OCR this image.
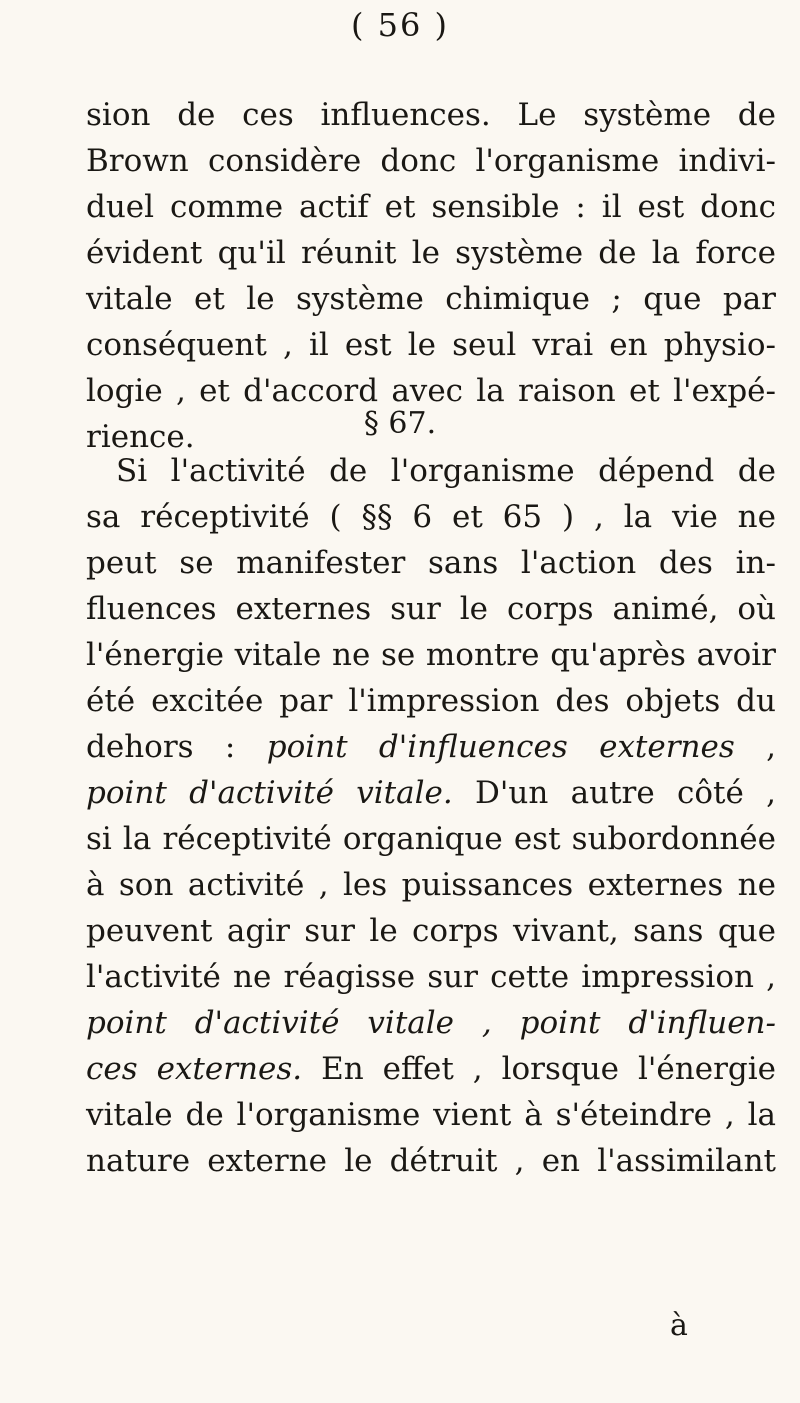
( 56 )
sion de ces influences. Le système de
Brown considère donc l'organisme indivi-
duel comme actif et sensible : il est donc
évident qu'il réunit le système de la force
vitale et le système chimique ; que par
conséquent , il est le seul vrai en physio-
logie , et d'accord avec la raison et l'expé-
rience.	§ 67.
Si l'activité de l'organisme dépend de
sa réceptivité ( §§ 6 et 65 ) , la vie ne
peut se manifester sans l'action des in-
fluences externes sur le corps animé, où
l'énergie vitale ne se montre qu'après avoir
été excitée par l'impression des objets du
dehors : point d'influences externes ,
point d'activité vitale. D'un autre côté ,
si la réceptivité organique est subordonnée
à son activité , les puissances externes ne
peuvent agir sur le corps vivant, sans que
l'activité ne réagisse sur cette impression ,
point d'activité vitale , point d'influen-
ces externes. En effet , lorsque l'énergie
vitale de l'organisme vient à s'éteindre , la
nature externe le détruit , en l'assimilant
à
